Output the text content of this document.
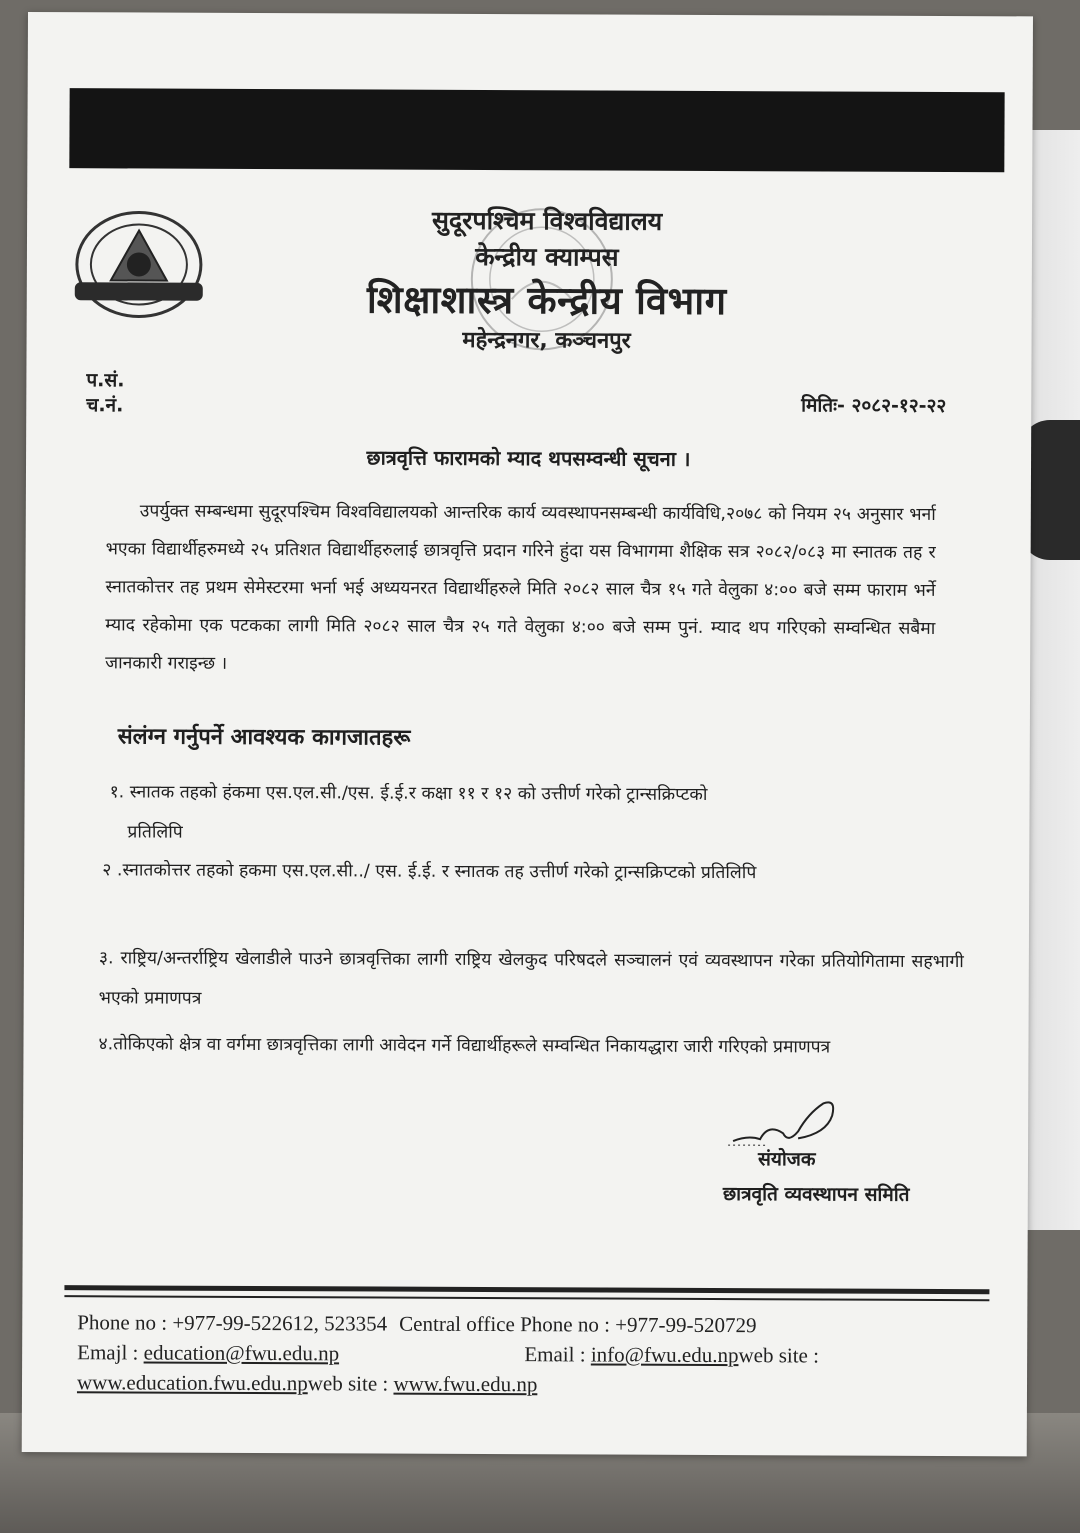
सुदूरपश्चिम विश्वविद्यालय
केन्द्रीय क्याम्पस
शिक्षाशास्त्र केन्द्रीय विभाग
महेन्द्रनगर, कञ्चनपुर
प.सं.
च.नं.	मितिः- २०८२-१२-२२
छात्रवृत्ति फारामको म्याद थपसम्वन्धी सूचना ।
उपर्युक्त सम्बन्धमा सुदूरपश्चिम विश्वविद्यालयको आन्तरिक कार्य व्यवस्थापनसम्बन्धी कार्यविधि,२०७८ को नियम २५ अनुसार भर्ना भएका विद्यार्थीहरुमध्ये २५ प्रतिशत विद्यार्थीहरुलाई छात्रवृत्ति प्रदान गरिने हुंदा यस विभागमा शैक्षिक सत्र २०८२/०८३ मा स्नातक तह र स्नातकोत्तर तह प्रथम सेमेस्टरमा भर्ना भई अध्ययनरत विद्यार्थीहरुले मिति २०८२ साल चैत्र १५ गते वेलुका ४:०० बजे सम्म फाराम भर्ने म्याद रहेकोमा एक पटकका लागी मिति २०८२ साल चैत्र २५ गते वेलुका ४:०० बजे सम्म पुनं. म्याद थप गरिएको सम्वन्धित सबैमा जानकारी गराइन्छ ।
संलंग्न गर्नुपर्ने आवश्यक कागजातहरू
१. स्नातक तहको हंकमा एस.एल.सी./एस. ई.ई.र कक्षा ११ र १२ को उत्तीर्ण गरेको ट्रान्सक्रिप्टको
प्रतिलिपि
२ .स्नातकोत्तर तहको हकमा एस.एल.सी../ एस. ई.ई. र स्नातक तह उत्तीर्ण गरेको ट्रान्सक्रिप्टको प्रतिलिपि
३. राष्ट्रिय/अन्तर्राष्ट्रिय खेलाडीले पाउने छात्रवृत्तिका लागी राष्ट्रिय खेलकुद परिषदले सञ्चालनं एवं व्यवस्थापन गरेका प्रतियोगितामा सहभागी भएको प्रमाणपत्र
४.तोकिएको क्षेत्र वा वर्गमा छात्रवृत्तिका लागी आवेदन गर्ने विद्यार्थीहरूले सम्वन्धित निकायद्धारा जारी गरिएको प्रमाणपत्र
संयोजक
छात्रवृति व्यवस्थापन समिति
Phone no : +977-99-522612, 523354 Central office Phone no : +977-99-520729
Emajl : education@fwu.edu.np	Email : info@fwu.edu.npweb site :
www.education.fwu.edu.npweb site : www.fwu.edu.np
